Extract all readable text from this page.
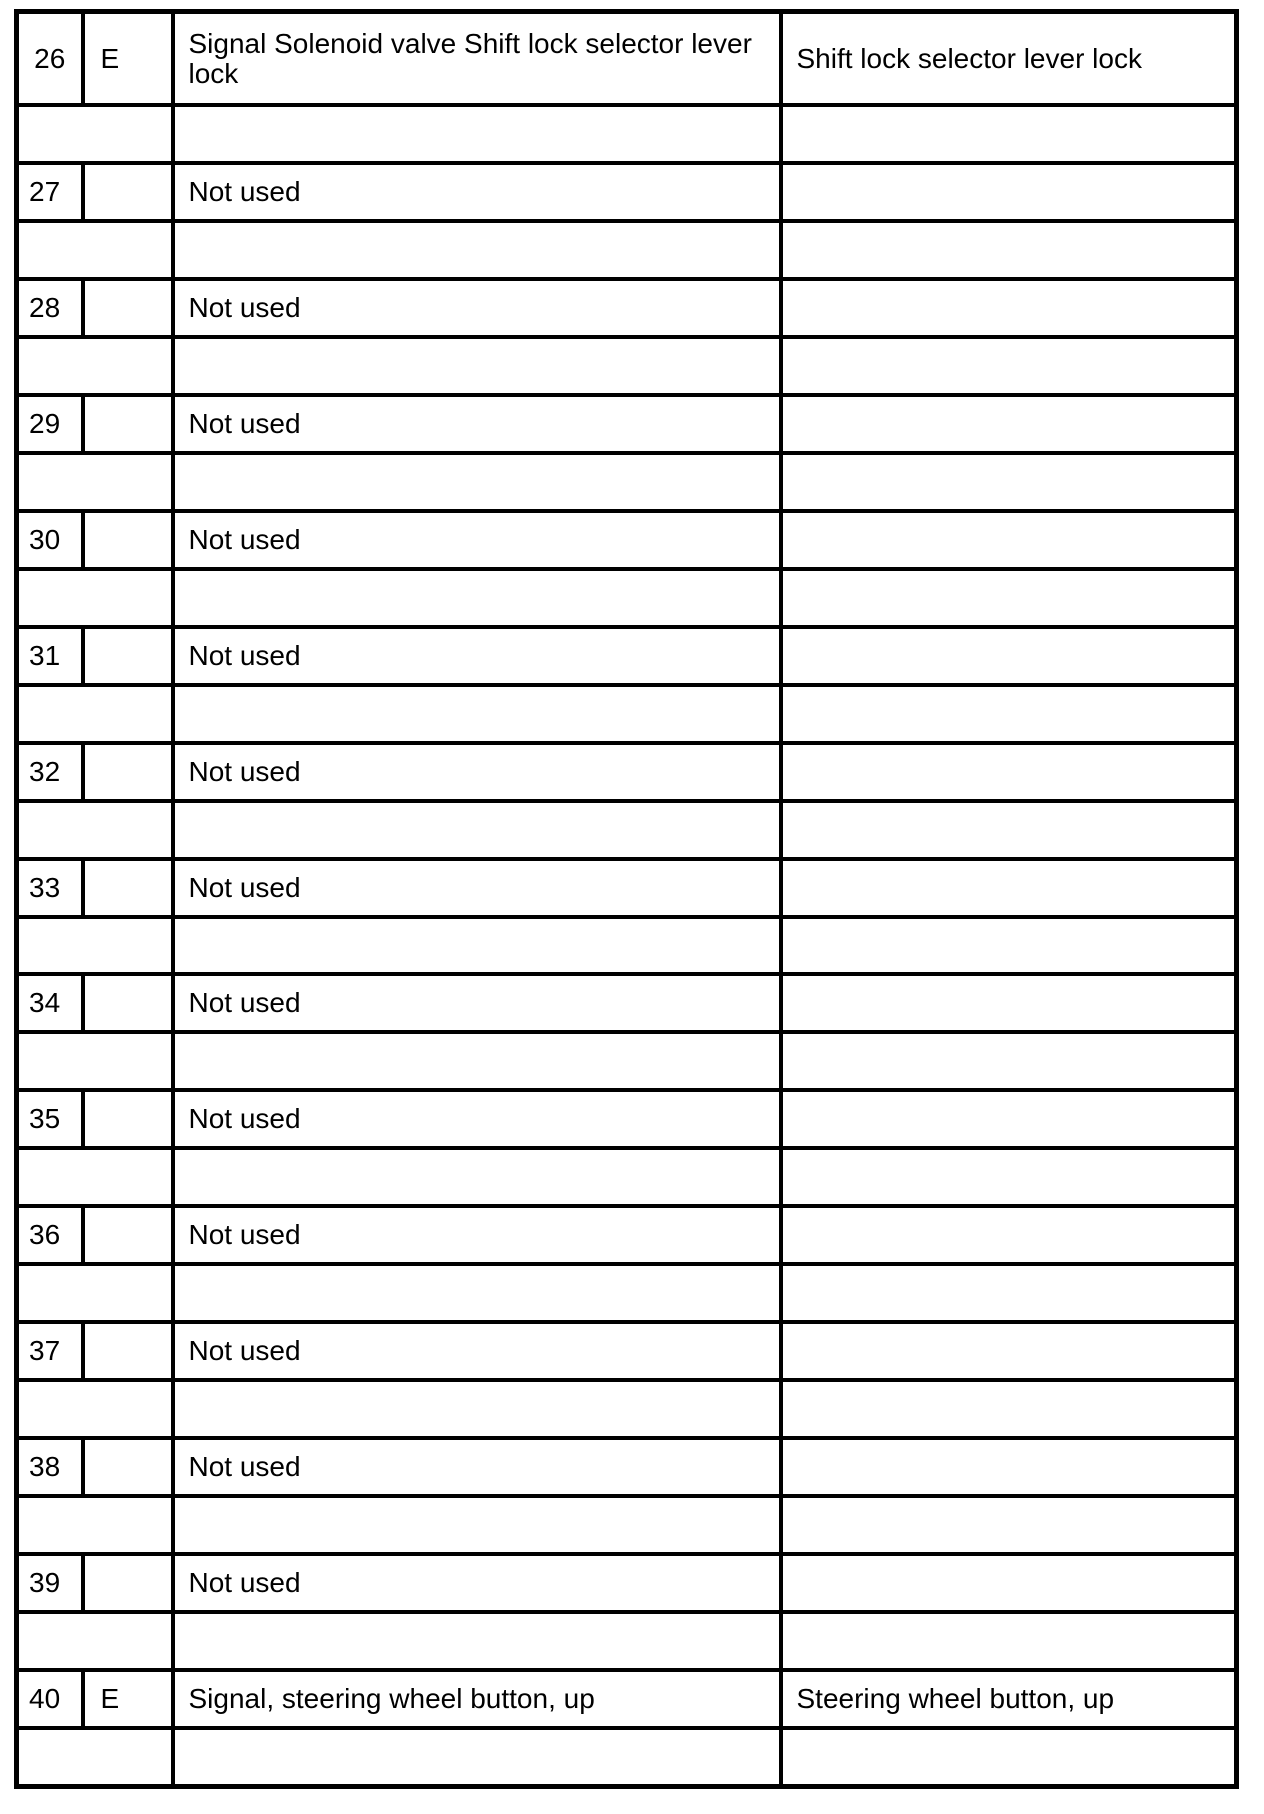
26	E	Signal Solenoid valve Shift lock selector lever lock	Shift lock selector lever lock

27		Not used	

28		Not used	

29		Not used	

30		Not used	

31		Not used	

32		Not used	

33		Not used	

34		Not used	

35		Not used	

36		Not used	

37		Not used	

38		Not used	

39		Not used	

40	E	Signal, steering wheel button, up	Steering wheel button, up
